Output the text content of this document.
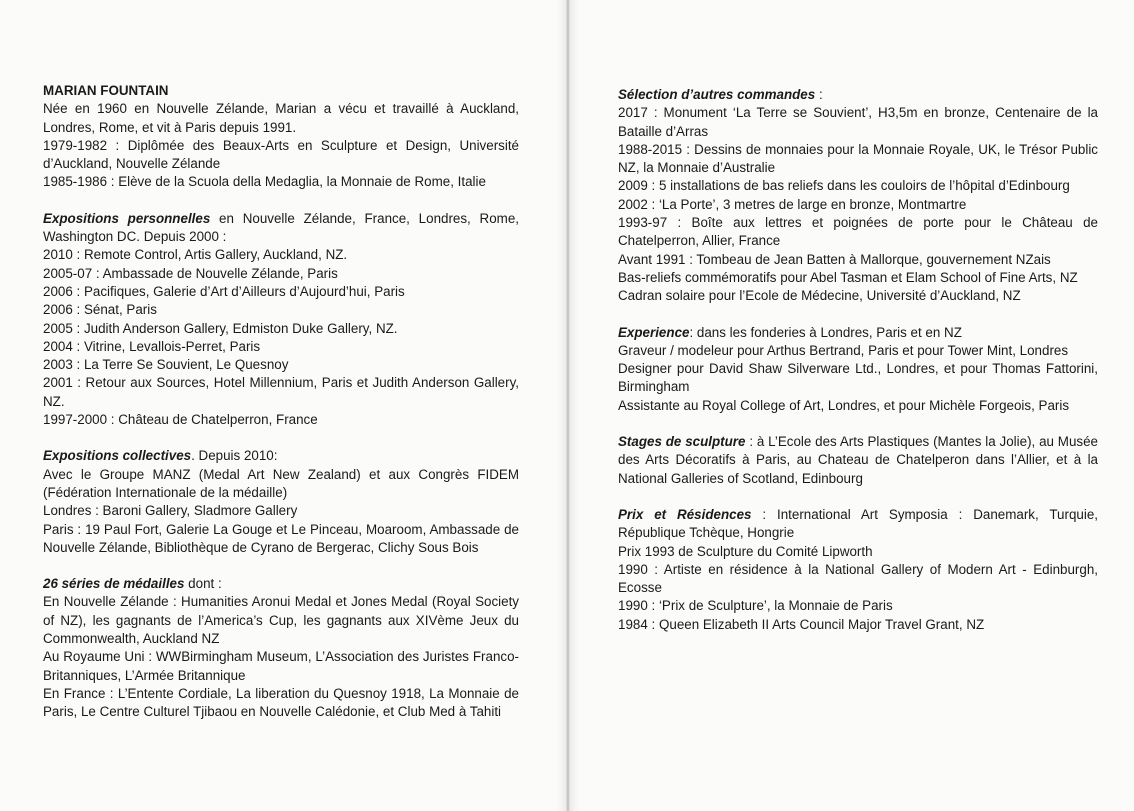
MARIAN FOUNTAIN

Née en 1960 en Nouvelle Zélande, Marian a vécu et travaillé à Auckland, Londres, Rome, et vit à Paris depuis 1991.

1979-1982 : Diplômée des Beaux-Arts en Sculpture et Design, Université d’Auckland, Nouvelle Zélande

1985-1986 : Elève de la Scuola della Medaglia, la Monnaie de Rome, Italie

Expositions personnelles en Nouvelle Zélande, France, Londres, Rome, Washington DC. Depuis 2000 :

2010 : Remote Control, Artis Gallery, Auckland, NZ.

2005-07 : Ambassade de Nouvelle Zélande, Paris

2006 : Pacifiques, Galerie d’Art d’Ailleurs d’Aujourd’hui, Paris

2006 : Sénat, Paris

2005 : Judith Anderson Gallery, Edmiston Duke Gallery, NZ.

2004 : Vitrine, Levallois-Perret, Paris

2003 : La Terre Se Souvient, Le Quesnoy

2001 : Retour aux Sources, Hotel Millennium, Paris et Judith Anderson Gallery, NZ.

1997-2000 : Château de Chatelperron, France

Expositions collectives. Depuis 2010:

Avec le Groupe MANZ (Medal Art New Zealand) et aux Congrès FIDEM (Fédération Internationale de la médaille)

Londres : Baroni Gallery, Sladmore Gallery

Paris : 19 Paul Fort, Galerie La Gouge et Le Pinceau, Moaroom, Ambassade de Nouvelle Zélande, Bibliothèque de Cyrano de Bergerac, Clichy Sous Bois

26 séries de médailles dont :

En Nouvelle Zélande : Humanities Aronui Medal et Jones Medal (Royal Society of NZ), les gagnants de l’America’s Cup, les gagnants aux XIVème Jeux du Commonwealth, Auckland NZ

Au Royaume Uni : WWBirmingham Museum, L’Association des Juristes Franco-Britanniques, L’Armée Britannique

En France : L’Entente Cordiale, La liberation du Quesnoy 1918, La Monnaie de Paris, Le Centre Culturel Tjibaou en Nouvelle Calédonie, et Club Med à Tahiti

Sélection d’autres commandes :

2017 : Monument ‘La Terre se Souvient’, H3,5m en bronze, Centenaire de la Bataille d’Arras

1988-2015 : Dessins de monnaies pour la Monnaie Royale, UK, le Trésor Public NZ, la Monnaie d’Australie

2009 : 5 installations de bas reliefs dans les couloirs de l’hôpital d’Edinbourg

2002 : ‘La Porte’, 3 metres de large en bronze, Montmartre

1993-97 : Boîte aux lettres et poignées de porte pour le Château de Chatelperron, Allier, France

Avant 1991 : Tombeau de Jean Batten à Mallorque, gouvernement NZais

Bas-reliefs commémoratifs pour Abel Tasman et Elam School of Fine Arts, NZ

Cadran solaire pour l’Ecole de Médecine, Université d’Auckland, NZ

Experience: dans les fonderies à Londres, Paris et en NZ

Graveur / modeleur pour Arthus Bertrand, Paris et pour Tower Mint, Londres

Designer pour David Shaw Silverware Ltd., Londres, et pour Thomas Fattorini, Birmingham

Assistante au Royal College of Art, Londres, et pour Michèle Forgeois, Paris

Stages de sculpture : à L’Ecole des Arts Plastiques (Mantes la Jolie), au Musée des Arts Décoratifs à Paris, au Chateau de Chatelperon dans l’Allier, et à la National Galleries of Scotland, Edinbourg

Prix et Résidences : International Art Symposia : Danemark, Turquie, République Tchèque, Hongrie

Prix 1993 de Sculpture du Comité Lipworth

1990 : Artiste en résidence à la National Gallery of Modern Art - Edinburgh, Ecosse

1990 : ‘Prix de Sculpture’, la Monnaie de Paris

1984 : Queen Elizabeth II Arts Council Major Travel Grant, NZ
